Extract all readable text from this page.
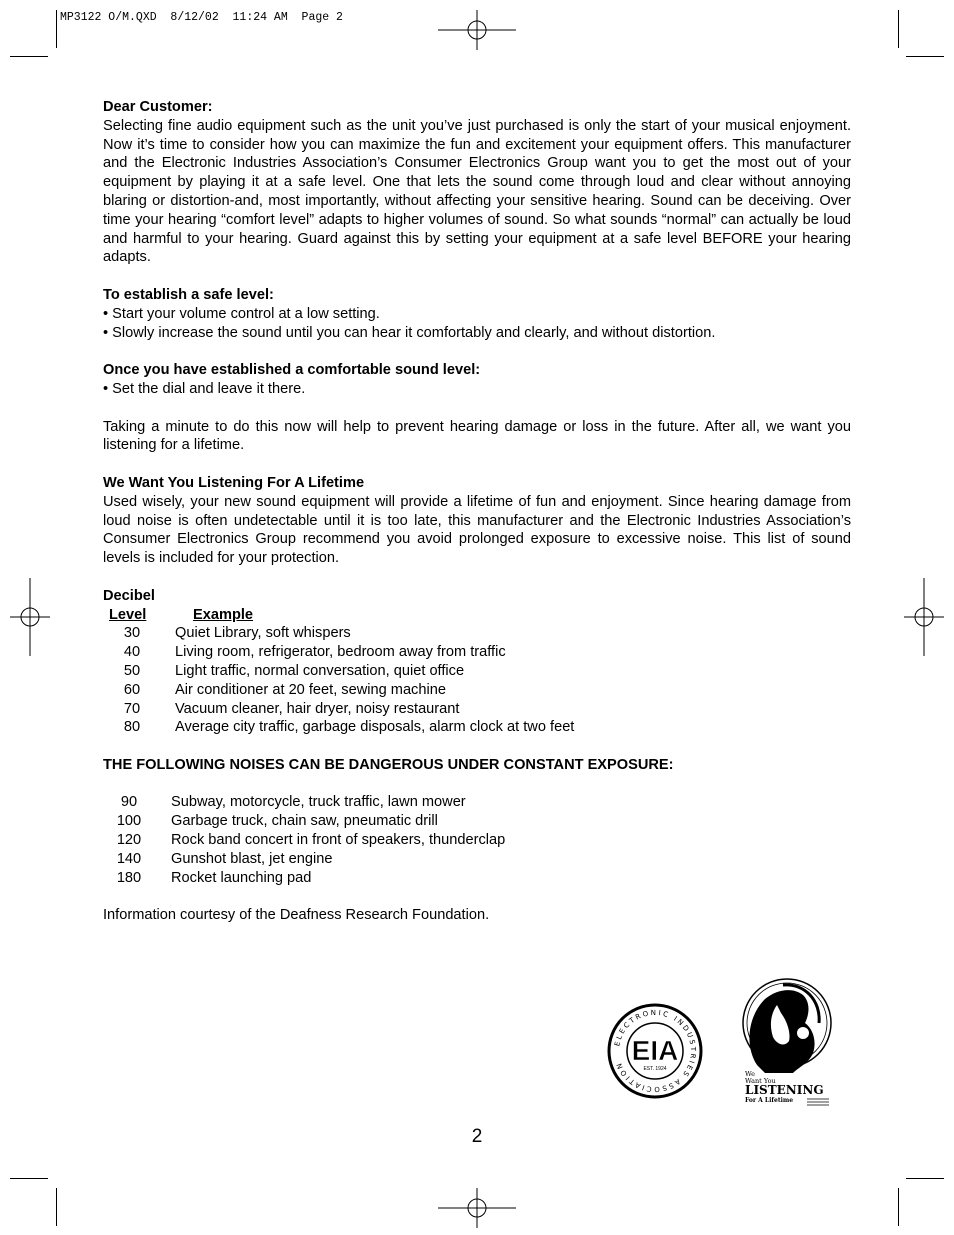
MP3122 O/M.QXD  8/12/02  11:24 AM  Page 2

Dear Customer:

Selecting fine audio equipment such as the unit you’ve just purchased is only the start of your musical enjoyment. Now it’s time to consider how you can maximize the fun and excitement your equipment offers. This manufacturer and the Electronic Industries Association’s Consumer Electronics Group want you to get the most out of your equipment by playing it at a safe level. One that lets the sound come through loud and clear without annoying blaring or distortion-and, most importantly, without affecting your sensitive hearing. Sound can be deceiving. Over time your hearing “comfort level” adapts to higher volumes of sound. So what sounds “normal” can actually be loud and harmful to your hearing. Guard against this by setting your equipment at a safe level BEFORE your hearing adapts.

To establish a safe level:

• Start your volume control at a low setting.

• Slowly increase the sound until you can hear it comfortably and clearly, and without distortion.

Once you have established a comfortable sound level:

• Set the dial and leave it there.

Taking a minute to do this now will help to prevent hearing damage or loss in the future. After all, we want you listening for a lifetime.

We Want You Listening For A Lifetime

Used wisely, your new sound equipment will provide a lifetime of fun and enjoyment. Since hearing damage from loud noise is often undetectable until it is too late, this manufacturer and the Electronic Industries Association’s Consumer Electronics Group recommend you avoid prolonged exposure to excessive noise. This list of sound levels is included for your protection.

Decibel

Level	Example
30	Quiet Library, soft whispers
40	Living room, refrigerator, bedroom away from traffic
50	Light traffic, normal conversation, quiet office
60	Air conditioner at 20 feet, sewing machine
70	Vacuum cleaner, hair dryer, noisy restaurant
80	Average city traffic, garbage disposals, alarm clock at two feet

THE FOLLOWING NOISES CAN BE DANGEROUS UNDER CONSTANT EXPOSURE:

90	Subway, motorcycle, truck traffic, lawn mower
100	Garbage truck, chain saw, pneumatic drill
120	Rock band concert in front of speakers, thunderclap
140	Gunshot blast, jet engine
180	Rocket launching pad

Information courtesy of the Deafness Research Foundation.

ELECTRONIC INDUSTRIES ASSOCIATION EIA
EST. 1924
We
Want You
LISTENING
For A Lifetime
2
